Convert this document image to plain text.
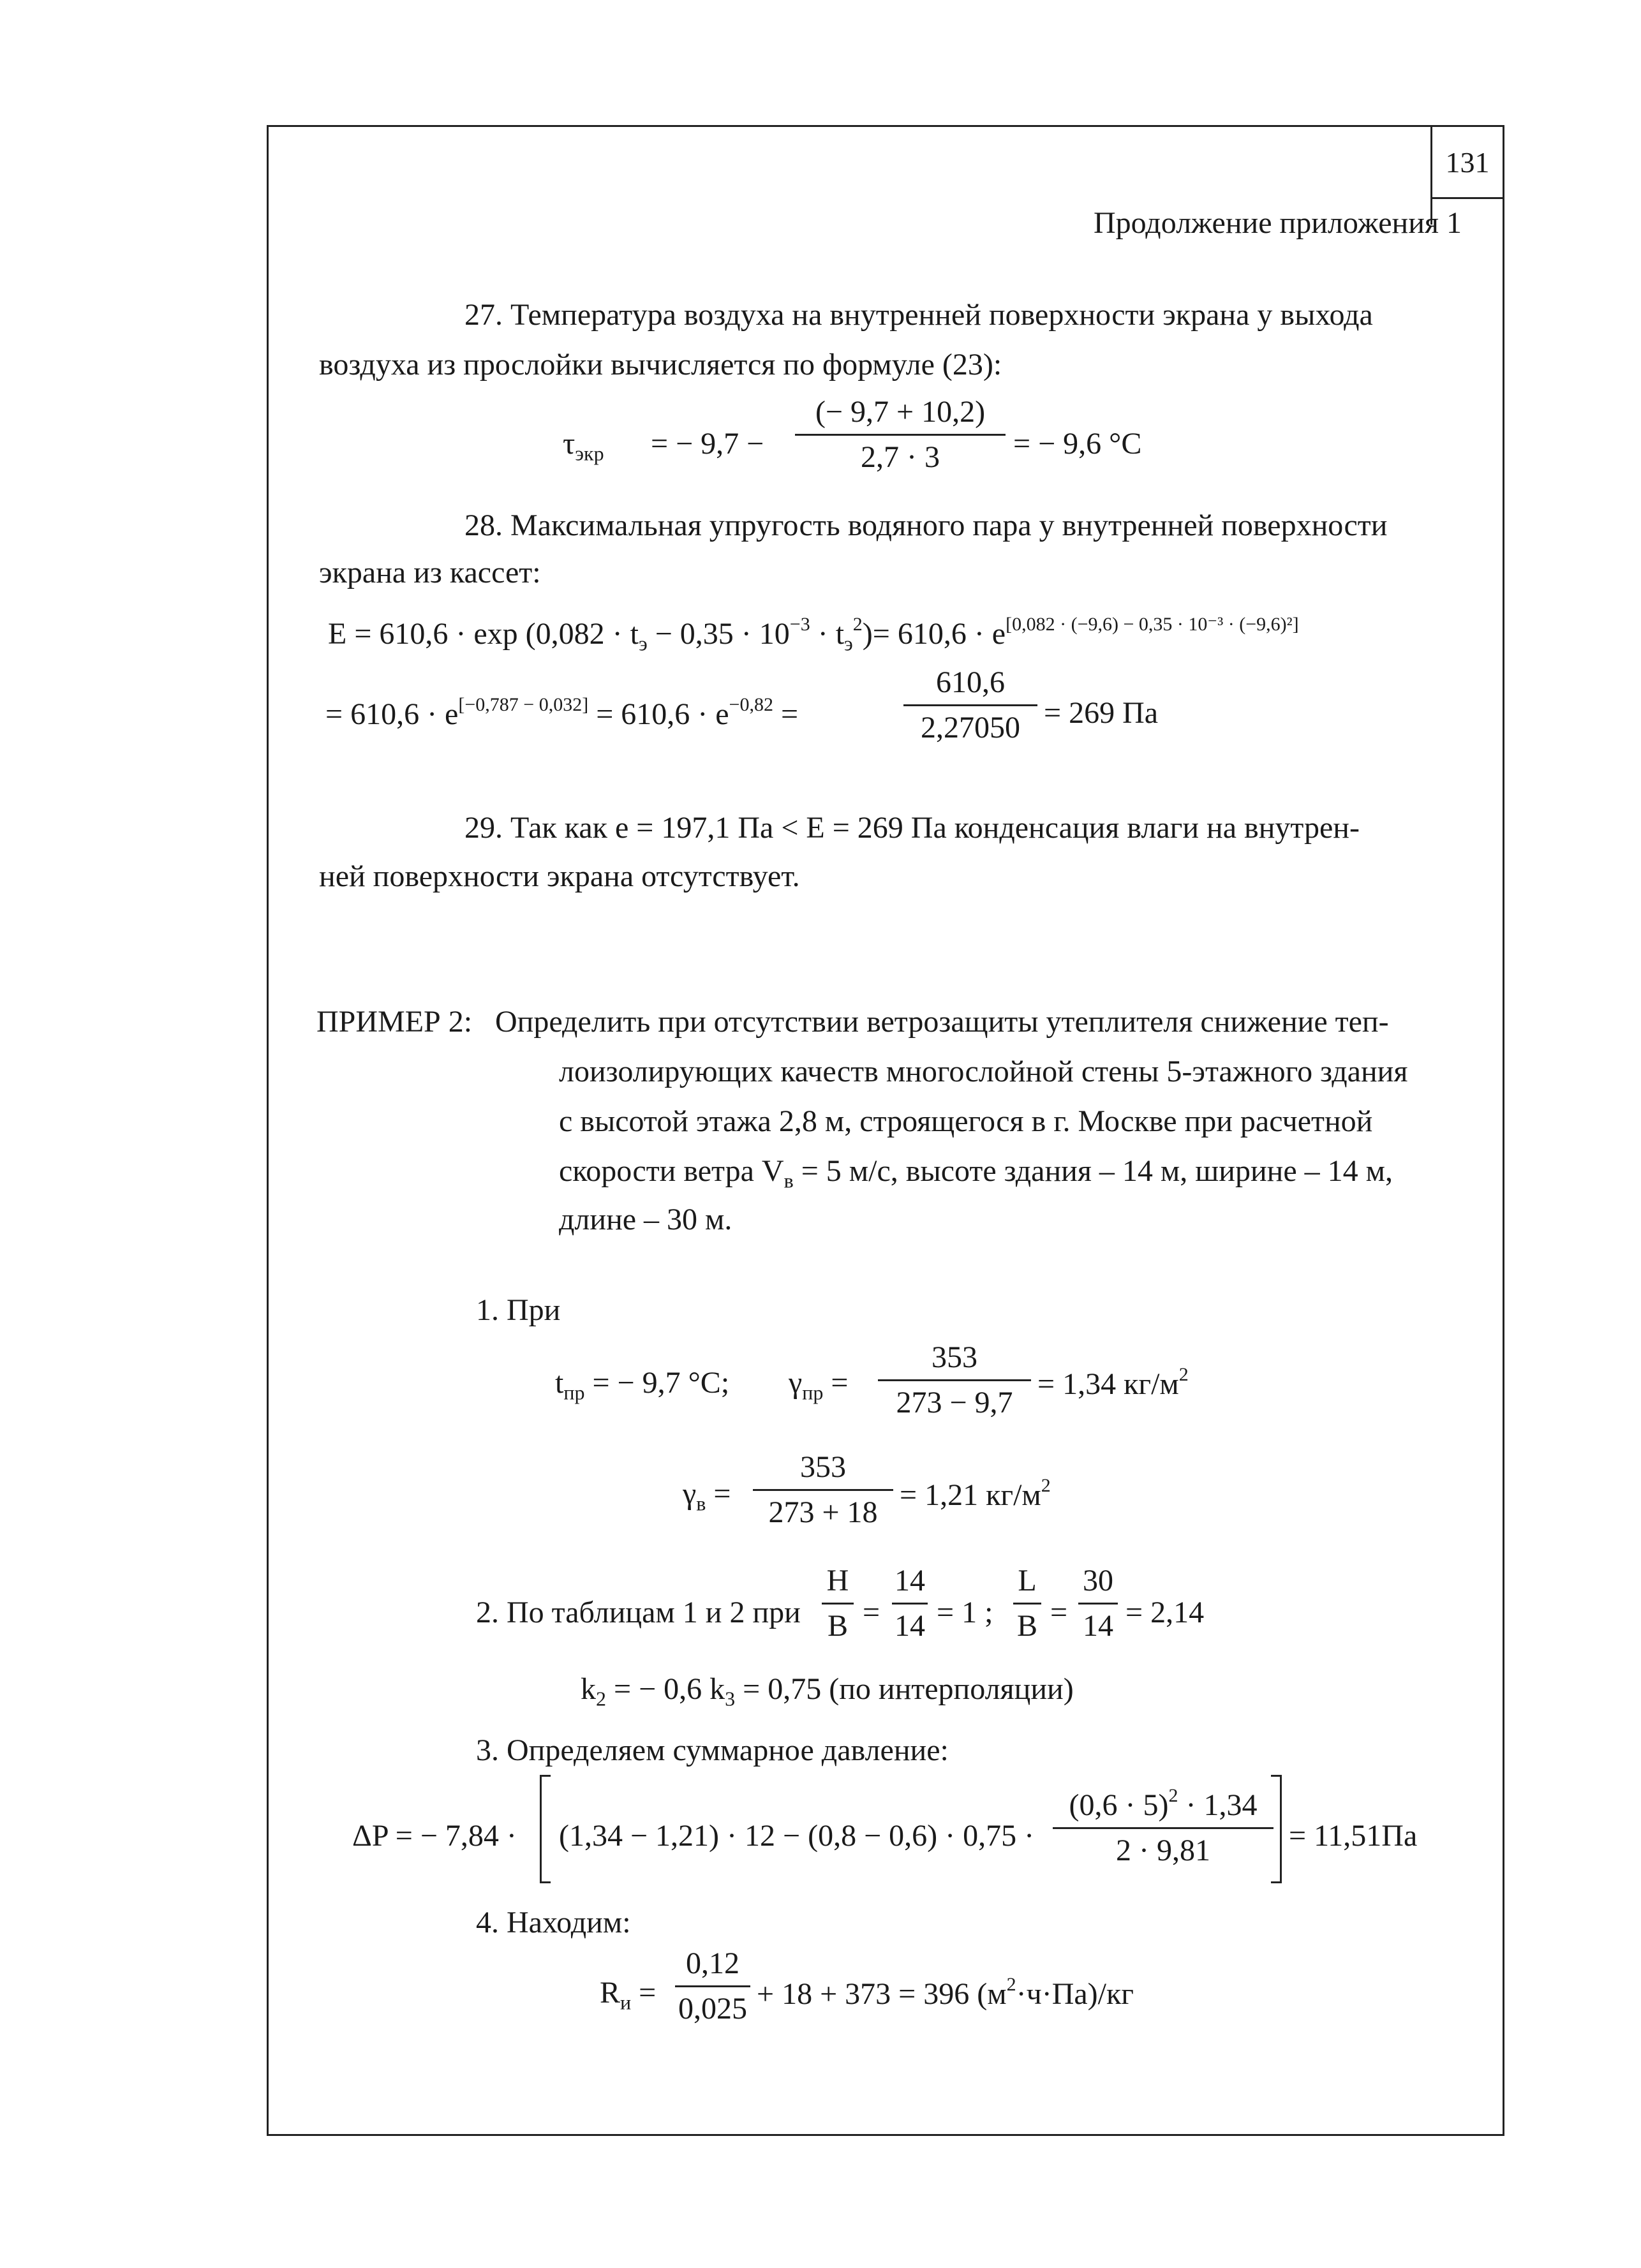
131
Продолжение приложения 1
27. Температура воздуха на внутренней поверхности экрана у выхода
воздуха из прослойки вычисляется по формуле (23):
$\tau_{экр}$ = − 9,7 −
(− 9,7 + 10,2)
2,7 · 3	= − 9,6 °С
28. Максимальная упругость водяного пара у внутренней поверхности
экрана из кассет:
$E = 610,6 \cdot \exp (0,082 \cdot t_э - 0,35 \cdot 10^{-3} \cdot t_э^2)= 610,6 \cdot e[0,082 \cdot (-9,6) - 0,35 \cdot 10^{-3} \cdot (-9,6)^2]$
= $610,6 \cdot e[-0,787 - 0,032] = 610,6 \cdot e^{-0,82}$ =
610,6
2,27050 = 269 Па
29. Так как e = 197,1 Па < E = 269 Па конденсация влаги на внутрен-
ней поверхности экрана отсутствует.
ПРИМЕР 2: Определить при отсутствии ветрозащиты утеплителя снижение теп-
лоизолирующих качеств многослойной стены 5-этажного здания
с высотой этажа 2,8 м, строящегося в г. Москве при расчетной
скорости ветра $V_в = 5$ м/с, высоте здания – 14 м, ширине – 14 м,
длине – 30 м.
1. При
$t_{пр}$ = − 9,7 °С; $\gamma_{пр}$ =
353
273 − 9,7
= 1,34 $кг/м^2$
$\gamma_в$ =
353
273 + 18
= 1,21 $кг/м^2$
2. По таблицам 1 и 2 при
H
B =
14
14 = 1 ;
L
B =
30
14 = 2,14
$k_2$ = − 0,6 $k_3 = 0,75$ (по интерполяции)
3. Определяем суммарное давление:
ΔP = − 7,84 · (1,34 − 1,21) · 12 − (0,8 − 0,6) · 0,75 ·
$(0,6 \cdot 5)^2 \cdot 1,34$
2 · 9,81	= 11,51Па
4. Находим:
$R_и$ =
0,12
0,025 + 18 + 373 = 396 $(м^2\cdot ч\cdot Па)/кг$
